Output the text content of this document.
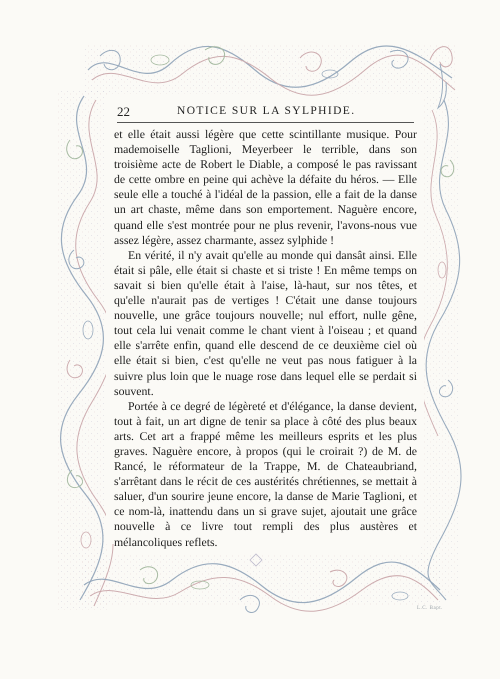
22	NOTICE SUR LA SYLPHIDE.

et elle était aussi légère que cette scintillante musique. Pour mademoiselle Taglioni, Meyerbeer le terrible, dans son troisième acte de Robert le Diable, a composé le pas ravissant de cette ombre en peine qui achève la défaite du héros. — Elle seule elle a touché à l'idéal de la passion, elle a fait de la danse un art chaste, même dans son emportement. Naguère encore, quand elle s'est montrée pour ne plus revenir, l'avons-nous vue assez légère, assez charmante, assez sylphide !

En vérité, il n'y avait qu'elle au monde qui dansât ainsi. Elle était si pâle, elle était si chaste et si triste ! En même temps on savait si bien qu'elle était à l'aise, là-haut, sur nos têtes, et qu'elle n'aurait pas de vertiges ! C'était une danse toujours nouvelle, une grâce toujours nouvelle; nul effort, nulle gêne, tout cela lui venait comme le chant vient à l'oiseau ; et quand elle s'arrête enfin, quand elle descend de ce deuxième ciel où elle était si bien, c'est qu'elle ne veut pas nous fatiguer à la suivre plus loin que le nuage rose dans lequel elle se perdait si souvent.

Portée à ce degré de légèreté et d'élégance, la danse devient, tout à fait, un art digne de tenir sa place à côté des plus beaux arts. Cet art a frappé même les meilleurs esprits et les plus graves. Naguère encore, à propos (qui le croirait ?) de M. de Rancé, le réformateur de la Trappe, M. de Chateaubriand, s'arrêtant dans le récit de ces austérités chrétiennes, se mettait à saluer, d'un sourire jeune encore, la danse de Marie Taglioni, et ce nom-là, inattendu dans un si grave sujet, ajoutait une grâce nouvelle à ce livre tout rempli des plus austères et mélancoliques reflets.

L.C. Bapt.
